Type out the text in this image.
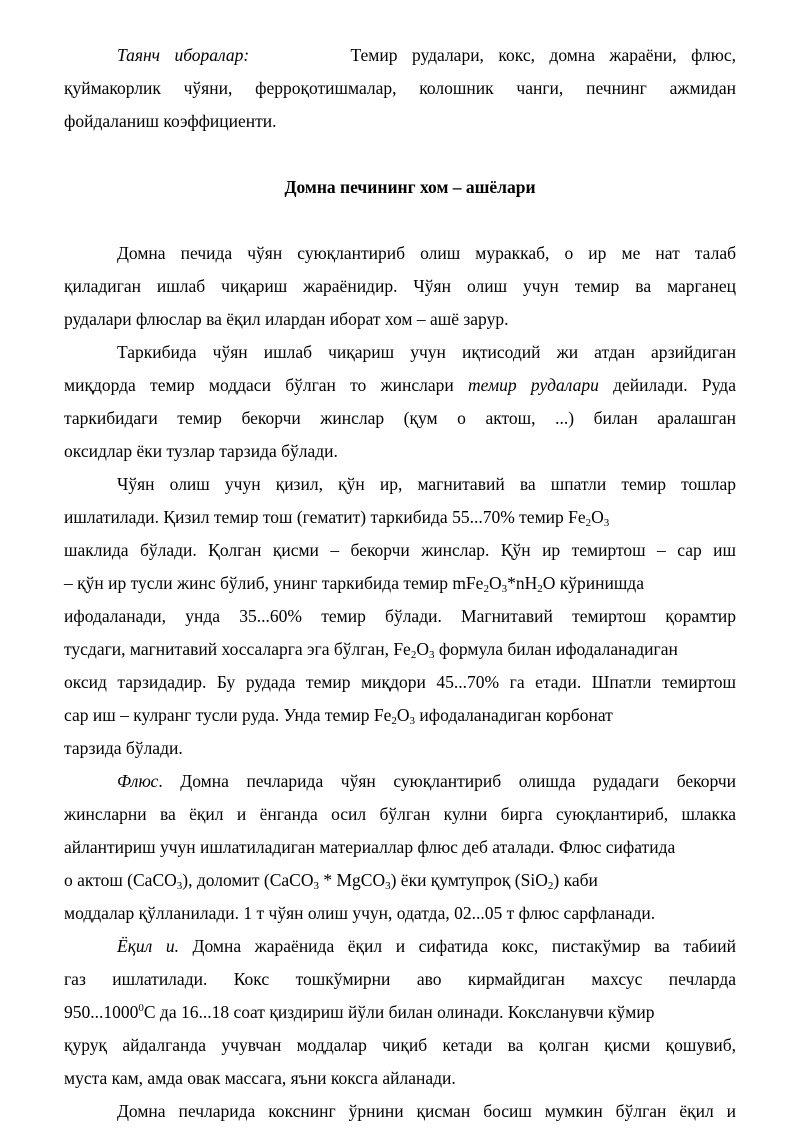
Таянч иборалар:	Темир рудалари, кокс, домна жараёни, флюс,
қуймакорлик чўяни, ферроқотишмалар, колошник чанги, печнинг ажмидан
фойдаланиш коэффициенти.
Домна печининг хом – ашёлари
Домна печида чўян суюқлантириб олиш мураккаб, о ир ме нат талаб
қиладиган ишлаб чиқариш жараёнидир. Чўян олиш учун темир ва марганец
рудалари флюслар ва ёқил илардан иборат хом – ашё зарур.
Таркибида чўян ишлаб чиқариш учун иқтисодий жи атдан арзийдиган
миқдорда темир моддаси бўлган то жинслари темир рудалари дейилади. Руда
таркибидаги темир бекорчи жинслар (қум о актош, ...) билан аралашган
оксидлар ёки тузлар тарзида бўлади.
Чўян олиш учун қизил, қўн ир, магнитавий ва шпатли темир тошлар
ишлатилади. Қизил темир тош (гематит) таркибида 55...70% темир $Fe_2O_3$
шаклида бўлади. Қолган қисми – бекорчи жинслар. Қўн ир темиртош – сар иш
– қўн ир тусли жинс бўлиб, унинг таркибида темир $mFe_2O_3*nH_2O$ кўринишда
ифодаланади, унда 35...60% темир бўлади. Магнитавий темиртош қорамтир
тусдаги, магнитавий хоссаларга эга бўлган, $Fe_2O_3$ формула билан ифодаланадиган
оксид тарзидадир. Бу рудада темир миқдори 45...70% га етади. Шпатли темиртош
сар иш – кулранг тусли руда. Унда темир $Fe_2O_3$ ифодаланадиган корбонат
тарзида бўлади.
Флюс. Домна печларида чўян суюқлантириб олишда рудадаги бекорчи
жинсларни ва ёқил и ёнганда осил бўлган кулни бирга суюқлантириб, шлакка
айлантириш учун ишлатиладиган материаллар флюс деб аталади. Флюс сифатида
о актош (CaCO$_3$), доломит (CaCO$_3$ * MgCO$_3$) ёки қумтупроқ (SiO$_2$) каби
моддалар қўлланилади. 1 т чўян олиш учун, одатда, 02...05 т флюс сарфланади.
Ёқил и. Домна жараёнида ёқил и сифатида кокс, пистакўмир ва табиий
газ ишлатилади. Кокс тошкўмирни аво кирмайдиган махсус печларда
950...1000$^0$С да 16...18 соат қиздириш йўли билан олинади. Коксланувчи кўмир
қуруқ айдалганда учувчан моддалар чиқиб кетади ва қолган қисми қошувиб,
муста кам, амда овак массага, яъни коксга айланади.
Домна печларида кокснинг ўрнини қисман босиш мумкин бўлган ёқил и
